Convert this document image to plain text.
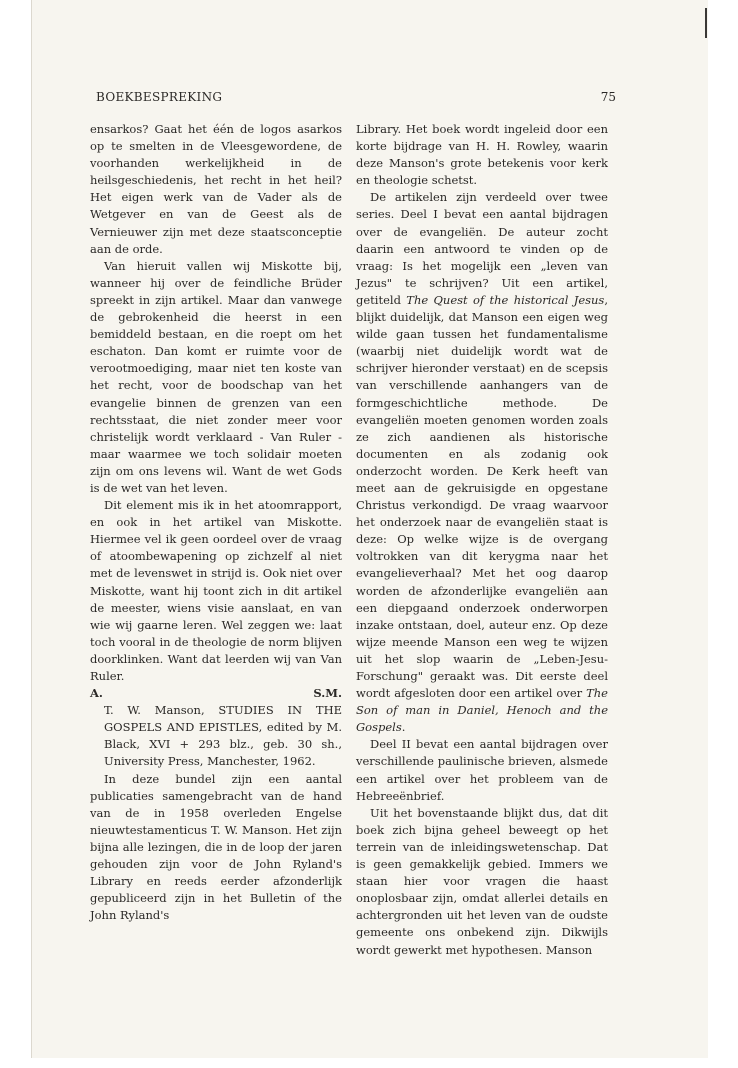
BOEKBESPREKING	75

ensarkos? Gaat het één de logos asarkos op te smelten in de Vleesgewordene, de voorhanden werkelijkheid in de heilsgeschiedenis, het recht in het heil? Het eigen werk van de Vader als de Wetgever en van de Geest als de Vernieuwer zijn met deze staatsconceptie aan de orde.

Van hieruit vallen wij Miskotte bij, wanneer hij over de feindliche Brüder spreekt in zijn artikel. Maar dan vanwege de gebrokenheid die heerst in een bemiddeld bestaan, en die roept om het eschaton. Dan komt er ruimte voor de verootmoediging, maar niet ten koste van het recht, voor de boodschap van het evangelie binnen de grenzen van een rechtsstaat, die niet zonder meer voor christelijk wordt verklaard - Van Ruler - maar waarmee we toch solidair moeten zijn om ons levens wil. Want de wet Gods is de wet van het leven.

Dit element mis ik in het atoomrapport, en ook in het artikel van Miskotte. Hiermee vel ik geen oordeel over de vraag of atoombewapening op zichzelf al niet met de levenswet in strijd is. Ook niet over Miskotte, want hij toont zich in dit artikel de meester, wiens visie aanslaat, en van wie wij gaarne leren. Wel zeggen we: laat toch vooral in de theologie de norm blijven doorklinken. Want dat leerden wij van Van Ruler.

A.	S.M.

T. W. Manson, STUDIES IN THE GOSPELS AND EPISTLES, edited by M. Black, XVI + 293 blz., geb. 30 sh., University Press, Manchester, 1962.

In deze bundel zijn een aantal publicaties samengebracht van de hand van de in 1958 overleden Engelse nieuwtestamenticus T. W. Manson. Het zijn bijna alle lezingen, die in de loop der jaren gehouden zijn voor de John Ryland's Library en reeds eerder afzonderlijk gepubliceerd zijn in het Bulletin of the John Ryland's

Library. Het boek wordt ingeleid door een korte bijdrage van H. H. Rowley, waarin deze Manson's grote betekenis voor kerk en theologie schetst.

De artikelen zijn verdeeld over twee series. Deel I bevat een aantal bijdragen over de evangeliën. De auteur zocht daarin een antwoord te vinden op de vraag: Is het mogelijk een „leven van Jezus" te schrijven? Uit een artikel, getiteld The Quest of the historical Jesus, blijkt duidelijk, dat Manson een eigen weg wilde gaan tussen het fundamentalisme (waarbij niet duidelijk wordt wat de schrijver hieronder verstaat) en de scepsis van verschillende aanhangers van de formgeschichtliche methode. De evangeliën moeten genomen worden zoals ze zich aandienen als historische documenten en als zodanig ook onderzocht worden. De Kerk heeft van meet aan de gekruisigde en opgestane Christus verkondigd. De vraag waarvoor het onderzoek naar de evangeliën staat is deze: Op welke wijze is de overgang voltrokken van dit kerygma naar het evangelieverhaal? Met het oog daarop worden de afzonderlijke evangeliën aan een diepgaand onderzoek onderworpen inzake ontstaan, doel, auteur enz. Op deze wijze meende Manson een weg te wijzen uit het slop waarin de „Leben-Jesu-Forschung" geraakt was. Dit eerste deel wordt afgesloten door een artikel over The Son of man in Daniel, Henoch and the Gospels.

Deel II bevat een aantal bijdragen over verschillende paulinische brieven, alsmede een artikel over het probleem van de Hebreeënbrief.

Uit het bovenstaande blijkt dus, dat dit boek zich bijna geheel beweegt op het terrein van de inleidingswetenschap. Dat is geen gemakkelijk gebied. Immers we staan hier voor vragen die haast onoplosbaar zijn, omdat allerlei details en achtergronden uit het leven van de oudste gemeente ons onbekend zijn. Dikwijls wordt gewerkt met hypothesen. Manson
